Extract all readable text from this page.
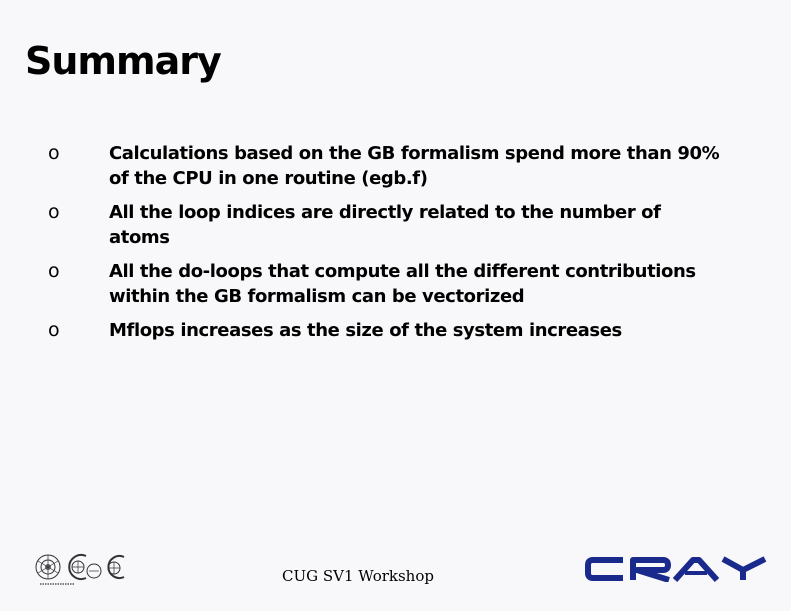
Summary
o	Calculations based on the GB formalism spend more than 90%
of the CPU in one routine (egb.f)
o	All the loop indices are directly related to the number of
atoms
o	All the do-loops that compute all the different contributions
within the GB formalism can be vectorized
o	Mflops increases as the size of the system increases
CUG SV1 Workshop
